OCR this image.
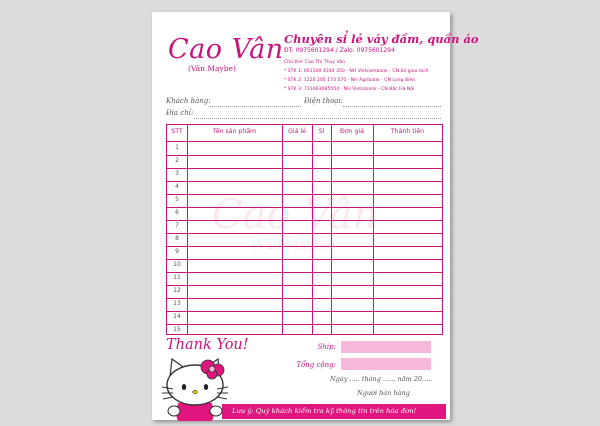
Cao Vân
(Vân Maybe)
Cao Vân
(Vân Maybe)
Chuyên sỉ lẻ váy đầm, quần áo
ĐT: 0975601294 / Zalo: 0975601294
Chủ thẻ: Cao Thị Thuý Vân
* STK 1: 001100 4344 350 - NH Vietcombank - CN Sở giao dịch
* STK 2: 1220 205 173 570 - NH Agribank - CN Long Biên
* STK 3: 711A63085554 - NH Vietinbank - CN Bắc Hà Nội
Khách hàng:	Điện thoại:
Địa chỉ:
STT	Tên sản phẩm	Giá lẻ	Sl	Đơn giá	Thành tiền
1
2
3
4
5
6
7
8
9
10
11
12
13
14
15
Thank You!	Ship:
Tổng cộng:
Ngày ..... tháng ...... năm 20.....
Người bán hàng
Lưu ý: Quý khách kiểm tra kỹ thông tin trên hóa đơn!
